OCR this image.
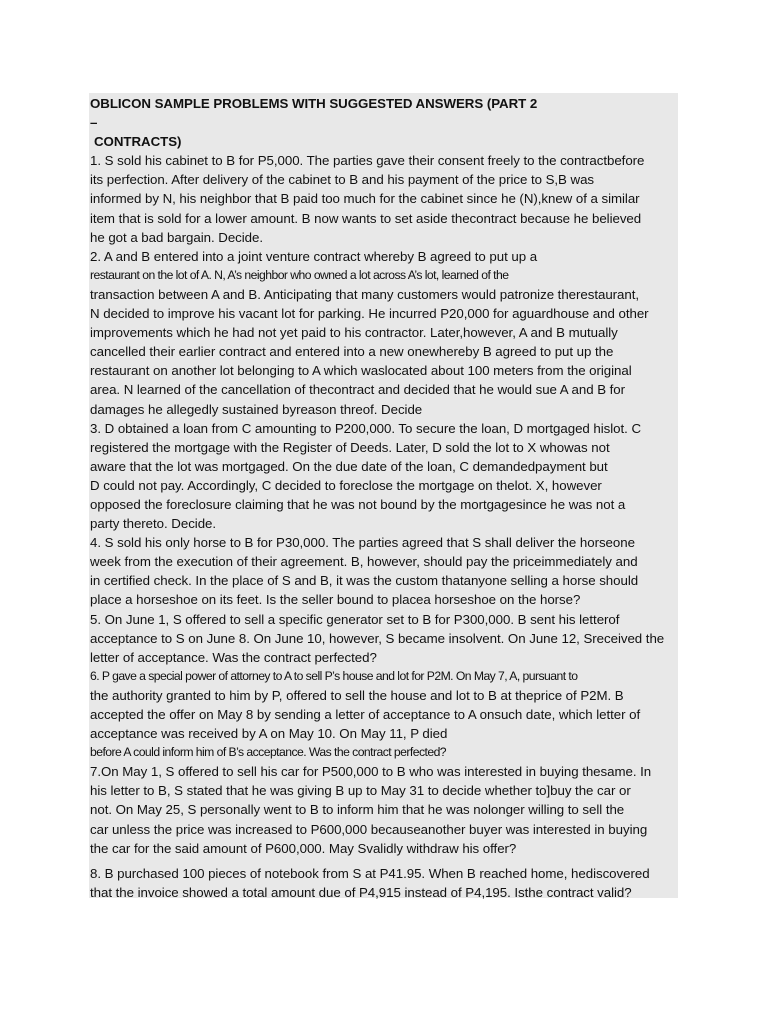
OBLICON SAMPLE PROBLEMS WITH SUGGESTED ANSWERS (PART 2
–
CONTRACTS)
1. S sold his cabinet to B for P5,000. The parties gave their consent freely to the contractbefore
its perfection. After delivery of the cabinet to B and his payment of the price to S,B was
informed by N, his neighbor that B paid too much for the cabinet since he (N),knew of a similar
item that is sold for a lower amount. B now wants to set aside thecontract because he believed
he got a bad bargain. Decide.
2. A and B entered into a joint venture contract whereby B agreed to put up a
restaurant on the lot of A. N, A’s neighbor who owned a lot across A’s lot, learned of the
transaction between A and B. Anticipating that many customers would patronize therestaurant,
N decided to improve his vacant lot for parking. He incurred P20,000 for aguardhouse and other
improvements which he had not yet paid to his contractor. Later,however, A and B mutually
cancelled their earlier contract and entered into a new onewhereby B agreed to put up the
restaurant on another lot belonging to A which waslocated about 100 meters from the original
area. N learned of the cancellation of thecontract and decided that he would sue A and B for
damages he allegedly sustained byreason threof. Decide
3. D obtained a loan from C amounting to P200,000. To secure the loan, D mortgaged hislot. C
registered the mortgage with the Register of Deeds. Later, D sold the lot to X whowas not
aware that the lot was mortgaged. On the due date of the loan, C demandedpayment but
D could not pay. Accordingly, C decided to foreclose the mortgage on thelot. X, however
opposed the foreclosure claiming that he was not bound by the mortgagesince he was not a
party thereto. Decide.
4. S sold his only horse to B for P30,000. The parties agreed that S shall deliver the horseone
week from the execution of their agreement. B, however, should pay the priceimmediately and
in certified check. In the place of S and B, it was the custom thatanyone selling a horse should
place a horseshoe on its feet. Is the seller bound to placea horseshoe on the horse?
5. On June 1, S offered to sell a specific generator set to B for P300,000. B sent his letterof
acceptance to S on June 8. On June 10, however, S became insolvent. On June 12, Sreceived the
letter of acceptance. Was the contract perfected?
6. P gave a special power of attorney to A to sell P’s house and lot for P2M. On May 7, A, pursuant to
the authority granted to him by P, offered to sell the house and lot to B at theprice of P2M. B
accepted the offer on May 8 by sending a letter of acceptance to A onsuch date, which letter of
acceptance was received by A on May 10. On May 11, P died
before A could inform him of B’s acceptance. Was the contract perfected?
7.On May 1, S offered to sell his car for P500,000 to B who was interested in buying thesame. In
his letter to B, S stated that he was giving B up to May 31 to decide whether to]buy the car or
not. On May 25, S personally went to B to inform him that he was nolonger willing to sell the
car unless the price was increased to P600,000 becauseanother buyer was interested in buying
the car for the said amount of P600,000. May Svalidly withdraw his offer?
8. B purchased 100 pieces of notebook from S at P41.95. When B reached home, hediscovered
that the invoice showed a total amount due of P4,915 instead of P4,195. Isthe contract valid?
